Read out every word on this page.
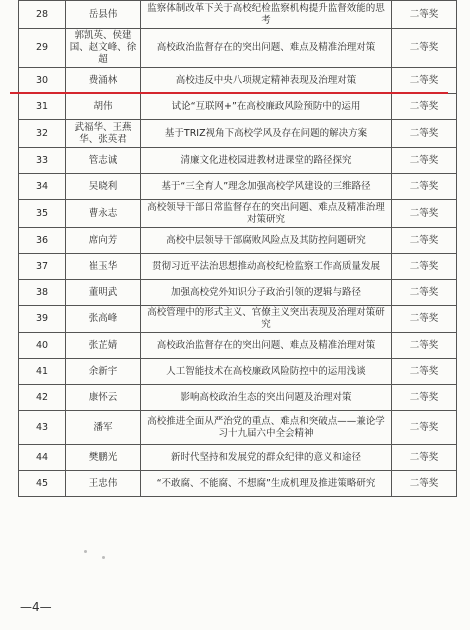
28	岳县伟	监察体制改革下关于高校纪检监察机构提升监督效能的思考	二等奖
29	郭凯英、侯建国、赵文峰、徐超	高校政治监督存在的突出问题、难点及精准治理对策	二等奖
30	费涌林	高校违反中央八项规定精神表现及治理对策	二等奖
31	胡伟	试论“互联网+”在高校廉政风险预防中的运用	二等奖
32	武福华、王燕华、张英君	基于TRIZ视角下高校学风及存在问题的解决方案	二等奖
33	管志诚	清廉文化进校园进教材进课堂的路径探究	二等奖
34	吴晓利	基于“三全育人”理念加强高校学风建设的三维路径	二等奖
35	曹永志	高校领导干部日常监督存在的突出问题、难点及精准治理对策研究	二等奖
36	席向芳	高校中层领导干部腐败风险点及其防控问题研究	二等奖
37	崔玉华	贯彻习近平法治思想推动高校纪检监察工作高质量发展	二等奖
38	董明武	加强高校党外知识分子政治引领的逻辑与路径	二等奖
39	张高峰	高校管理中的形式主义、官僚主义突出表现及治理对策研究	二等奖
40	张芷婧	高校政治监督存在的突出问题、难点及精准治理对策	二等奖
41	余新宇	人工智能技术在高校廉政风险防控中的运用浅谈	二等奖
42	康怀云	影响高校政治生态的突出问题及治理对策	二等奖
43	潘军	高校推进全面从严治党的重点、难点和突破点——兼论学习十九届六中全会精神	二等奖
44	樊鹏光	新时代坚持和发展党的群众纪律的意义和途径	二等奖
45	王忠伟	“不敢腐、不能腐、不想腐”生成机理及推进策略研究	二等奖
—4—
